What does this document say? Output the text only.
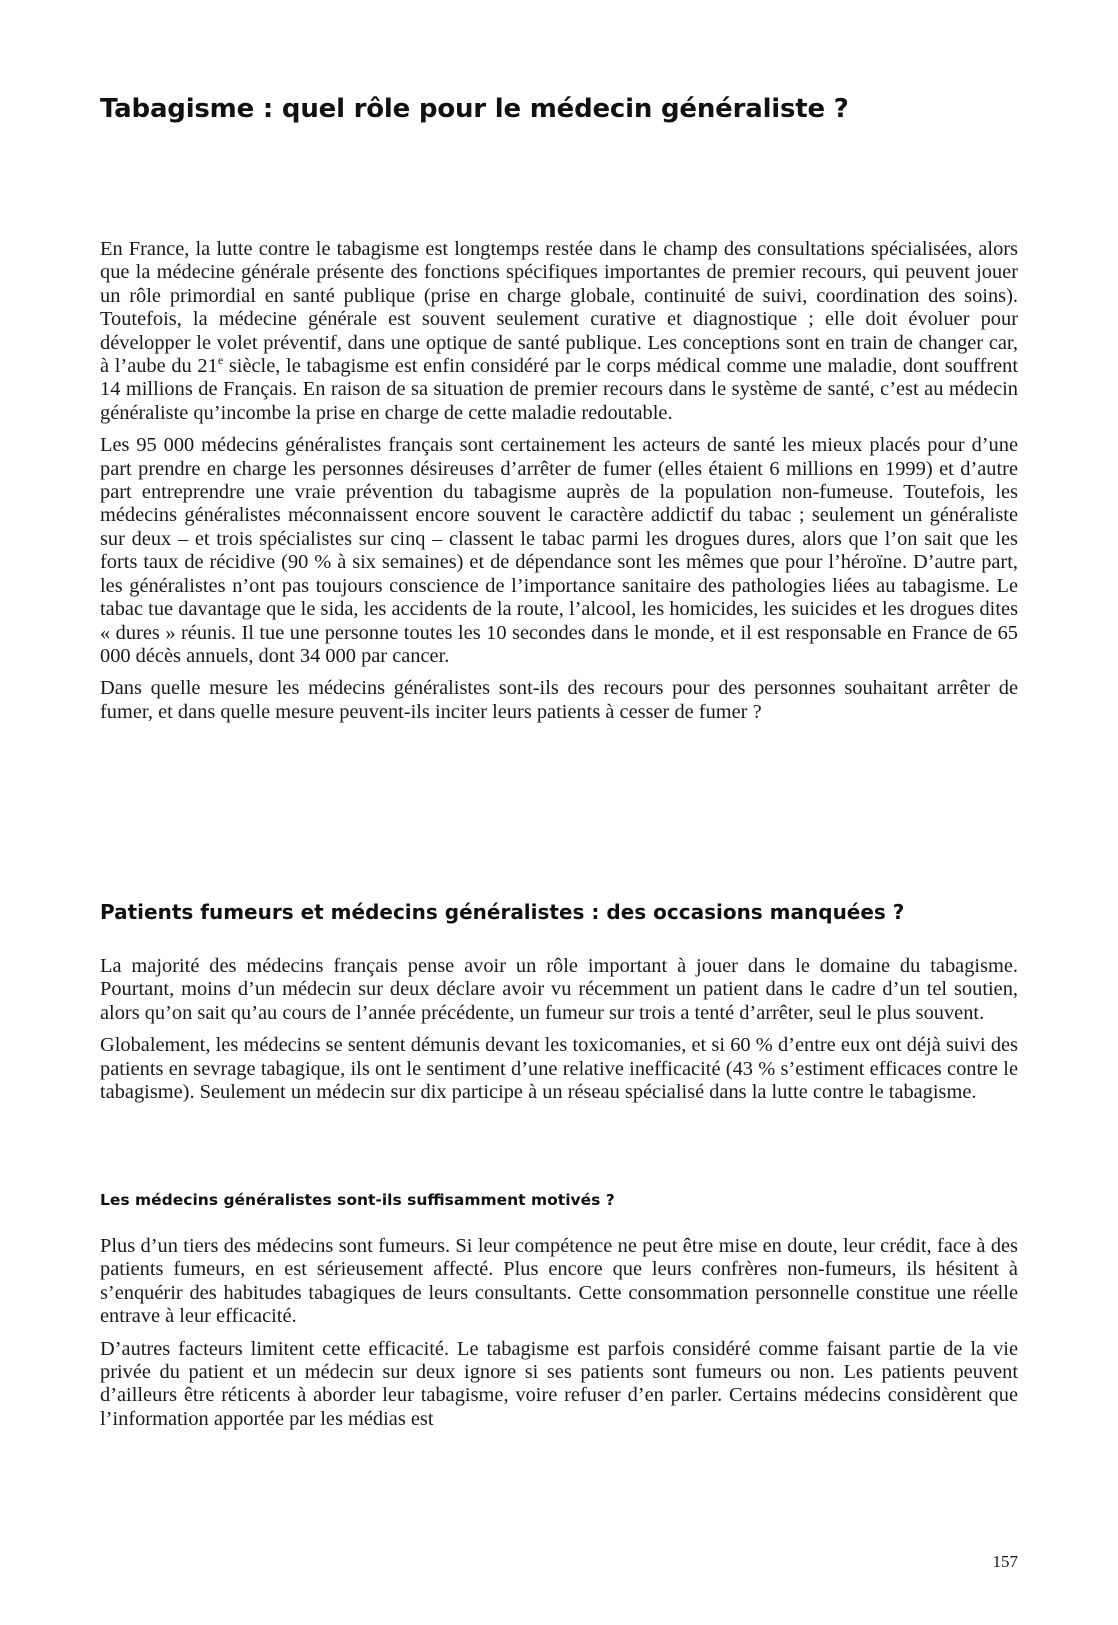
Tabagisme : quel rôle pour le médecin généraliste ?

En France, la lutte contre le tabagisme est longtemps restée dans le champ des consultations spécialisées, alors que la médecine générale présente des fonctions spécifiques importantes de premier recours, qui peuvent jouer un rôle primordial en santé publique (prise en charge globale, continuité de suivi, coordination des soins). Toutefois, la médecine générale est souvent seulement curative et diagnostique ; elle doit évoluer pour développer le volet préventif, dans une optique de santé publique. Les conceptions sont en train de changer car, à l’aube du 21e siècle, le tabagisme est enfin considéré par le corps médical comme une maladie, dont souffrent 14 millions de Français. En raison de sa situation de premier recours dans le système de santé, c’est au médecin généraliste qu’incombe la prise en charge de cette maladie redoutable.

Les 95 000 médecins généralistes français sont certainement les acteurs de santé les mieux placés pour d’une part prendre en charge les personnes désireuses d’arrêter de fumer (elles étaient 6 millions en 1999) et d’autre part entreprendre une vraie prévention du tabagisme auprès de la population non-fumeuse. Toutefois, les médecins généralistes méconnaissent encore souvent le caractère addictif du tabac ; seulement un généraliste sur deux – et trois spécialistes sur cinq – classent le tabac parmi les drogues dures, alors que l’on sait que les forts taux de récidive (90 % à six semaines) et de dépendance sont les mêmes que pour l’héroïne. D’autre part, les généralistes n’ont pas toujours conscience de l’importance sanitaire des pathologies liées au tabagisme. Le tabac tue davantage que le sida, les accidents de la route, l’alcool, les homicides, les suicides et les drogues dites « dures » réunis. Il tue une personne toutes les 10 secondes dans le monde, et il est responsable en France de 65 000 décès annuels, dont 34 000 par cancer.

Dans quelle mesure les médecins généralistes sont-ils des recours pour des personnes souhaitant arrêter de fumer, et dans quelle mesure peuvent-ils inciter leurs patients à cesser de fumer ?

Patients fumeurs et médecins généralistes : des occasions manquées ?

La majorité des médecins français pense avoir un rôle important à jouer dans le domaine du tabagisme. Pourtant, moins d’un médecin sur deux déclare avoir vu récemment un patient dans le cadre d’un tel soutien, alors qu’on sait qu’au cours de l’année précédente, un fumeur sur trois a tenté d’arrêter, seul le plus souvent.

Globalement, les médecins se sentent démunis devant les toxicomanies, et si 60 % d’entre eux ont déjà suivi des patients en sevrage tabagique, ils ont le sentiment d’une relative inefficacité (43 % s’estiment efficaces contre le tabagisme). Seulement un médecin sur dix participe à un réseau spécialisé dans la lutte contre le tabagisme.

Les médecins généralistes sont-ils suffisamment motivés ?

Plus d’un tiers des médecins sont fumeurs. Si leur compétence ne peut être mise en doute, leur crédit, face à des patients fumeurs, en est sérieusement affecté. Plus encore que leurs confrères non-fumeurs, ils hésitent à s’enquérir des habitudes tabagiques de leurs consultants. Cette consommation personnelle constitue une réelle entrave à leur efficacité.

D’autres facteurs limitent cette efficacité. Le tabagisme est parfois considéré comme faisant partie de la vie privée du patient et un médecin sur deux ignore si ses patients sont fumeurs ou non. Les patients peuvent d’ailleurs être réticents à aborder leur tabagisme, voire refuser d’en parler. Certains médecins considèrent que l’information apportée par les médias est

157
